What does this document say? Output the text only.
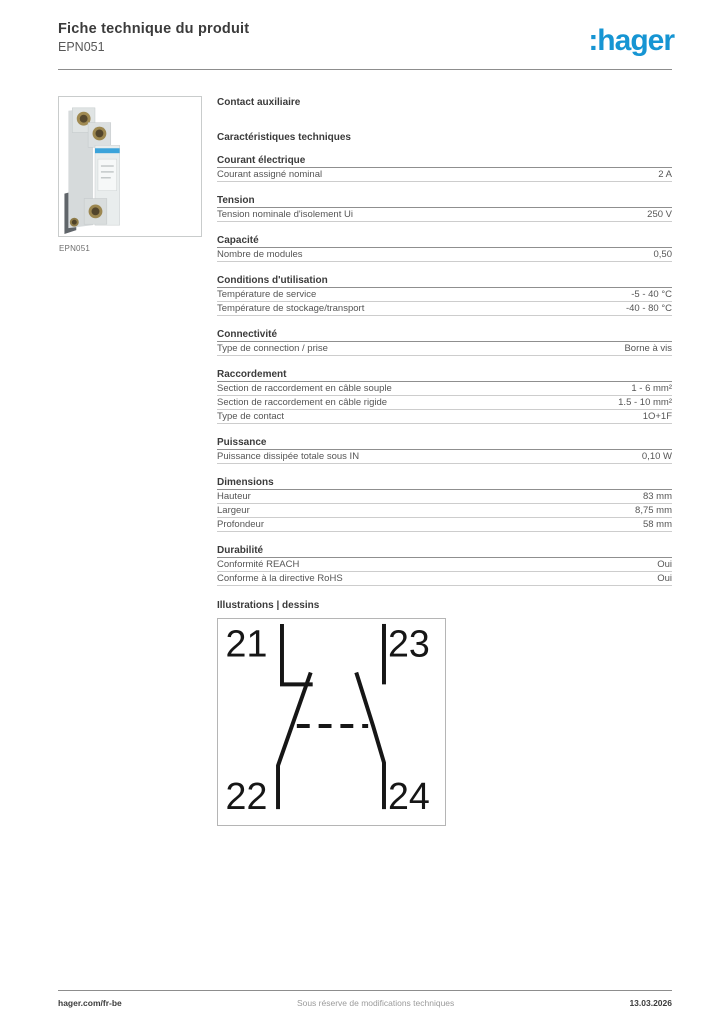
Fiche technique du produit
EPN051	:hager
EPN051
Contact auxiliaire
Caractéristiques techniques
Courant électrique
Courant assigné nominal	2 A
Tension
Tension nominale d'isolement Ui	250 V
Capacité
Nombre de modules	0,50
Conditions d'utilisation
Température de service	-5 - 40 °C
Température de stockage/transport	-40 - 80 °C
Connectivité
Type de connection / prise	Borne à vis
Raccordement
Section de raccordement en câble souple	1 - 6 mm²
Section de raccordement en câble rigide	1.5 - 10 mm²
Type de contact	1O+1F
Puissance
Puissance dissipée totale sous IN	0,10 W
Dimensions
Hauteur	83 mm
Largeur	8,75 mm
Profondeur	58 mm
Durabilité
Conformité REACH	Oui
Conforme à la directive RoHS	Oui
Illustrations | dessins
21	23
22	24
hager.com/fr-be	Sous réserve de modifications techniques	13.03.2026
